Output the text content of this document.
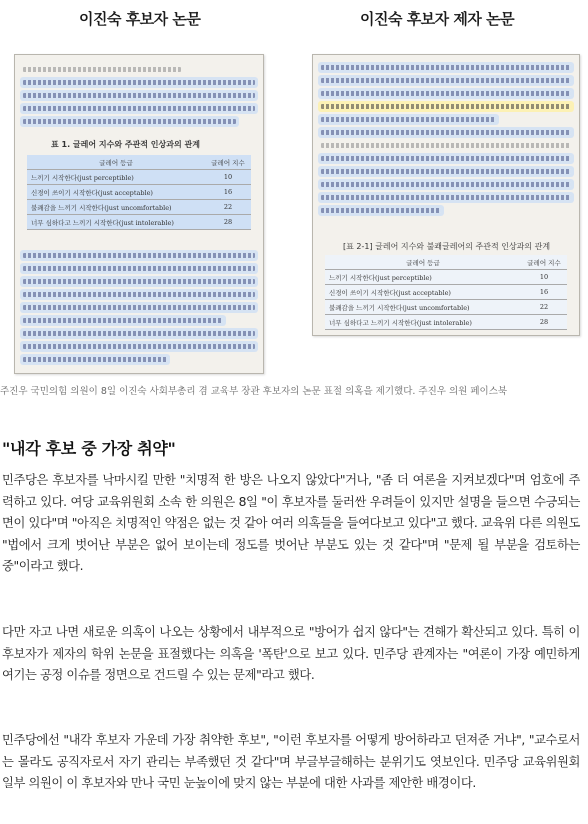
이진숙 후보자 논문	이진숙 후보자 제자 논문
표 1. 글레어 지수와 주관적 인상과의 관계
글레어 등급	글레어 지수
느끼기 시작한다(just perceptible)	10
신경이 쓰이기 시작한다(just acceptable)	16
불쾌감을 느끼기 시작한다(just uncomfortable)	22
너무 심하다고 느끼기 시작한다(just intolerable)	28
[표 2-1] 글레어 지수와 불쾌글레어의 주관적 인상과의 관계
글레어 등급	글레어 지수
느끼기 시작한다(just perceptible)	10
신경이 쓰이기 시작한다(just acceptable)	16
불쾌감을 느끼기 시작한다(just uncomfortable)	22
너무 심하다고 느끼기 시작한다(just intolerable)	28
주진우 국민의힘 의원이 8일 이진숙 사회부총리 겸 교육부 장관 후보자의 논문 표절 의혹을 제기했다. 주진우 의원 페이스북
"내각 후보 중 가장 취약"
민주당은 후보자를 낙마시킬 만한 "치명적 한 방은 나오지 않았다"거나, "좀 더 여론을 지켜보겠다"며 엄호에 주력하고 있다. 여당 교육위원회 소속 한 의원은 8일 "이 후보자를 둘러싼 우려들이 있지만 설명을 들으면 수긍되는 면이 있다"며 "아직은 치명적인 약점은 없는 것 같아 여러 의혹들을 들여다보고 있다"고 했다. 교육위 다른 의원도 "법에서 크게 벗어난 부분은 없어 보이는데 정도를 벗어난 부분도 있는 것 같다"며 "문제 될 부분을 검토하는 중"이라고 했다.
다만 자고 나면 새로운 의혹이 나오는 상황에서 내부적으로 "방어가 쉽지 않다"는 견해가 확산되고 있다. 특히 이 후보자가 제자의 학위 논문을 표절했다는 의혹을 '폭탄'으로 보고 있다. 민주당 관계자는 "여론이 가장 예민하게 여기는 공정 이슈를 정면으로 건드릴 수 있는 문제"라고 했다.
민주당에선 "내각 후보자 가운데 가장 취약한 후보", "이런 후보자를 어떻게 방어하라고 던져준 거냐", "교수로서는 몰라도 공직자로서 자기 관리는 부족했던 것 같다"며 부글부글해하는 분위기도 엿보인다. 민주당 교육위원회 일부 의원이 이 후보자와 만나 국민 눈높이에 맞지 않는 부분에 대한 사과를 제안한 배경이다.
